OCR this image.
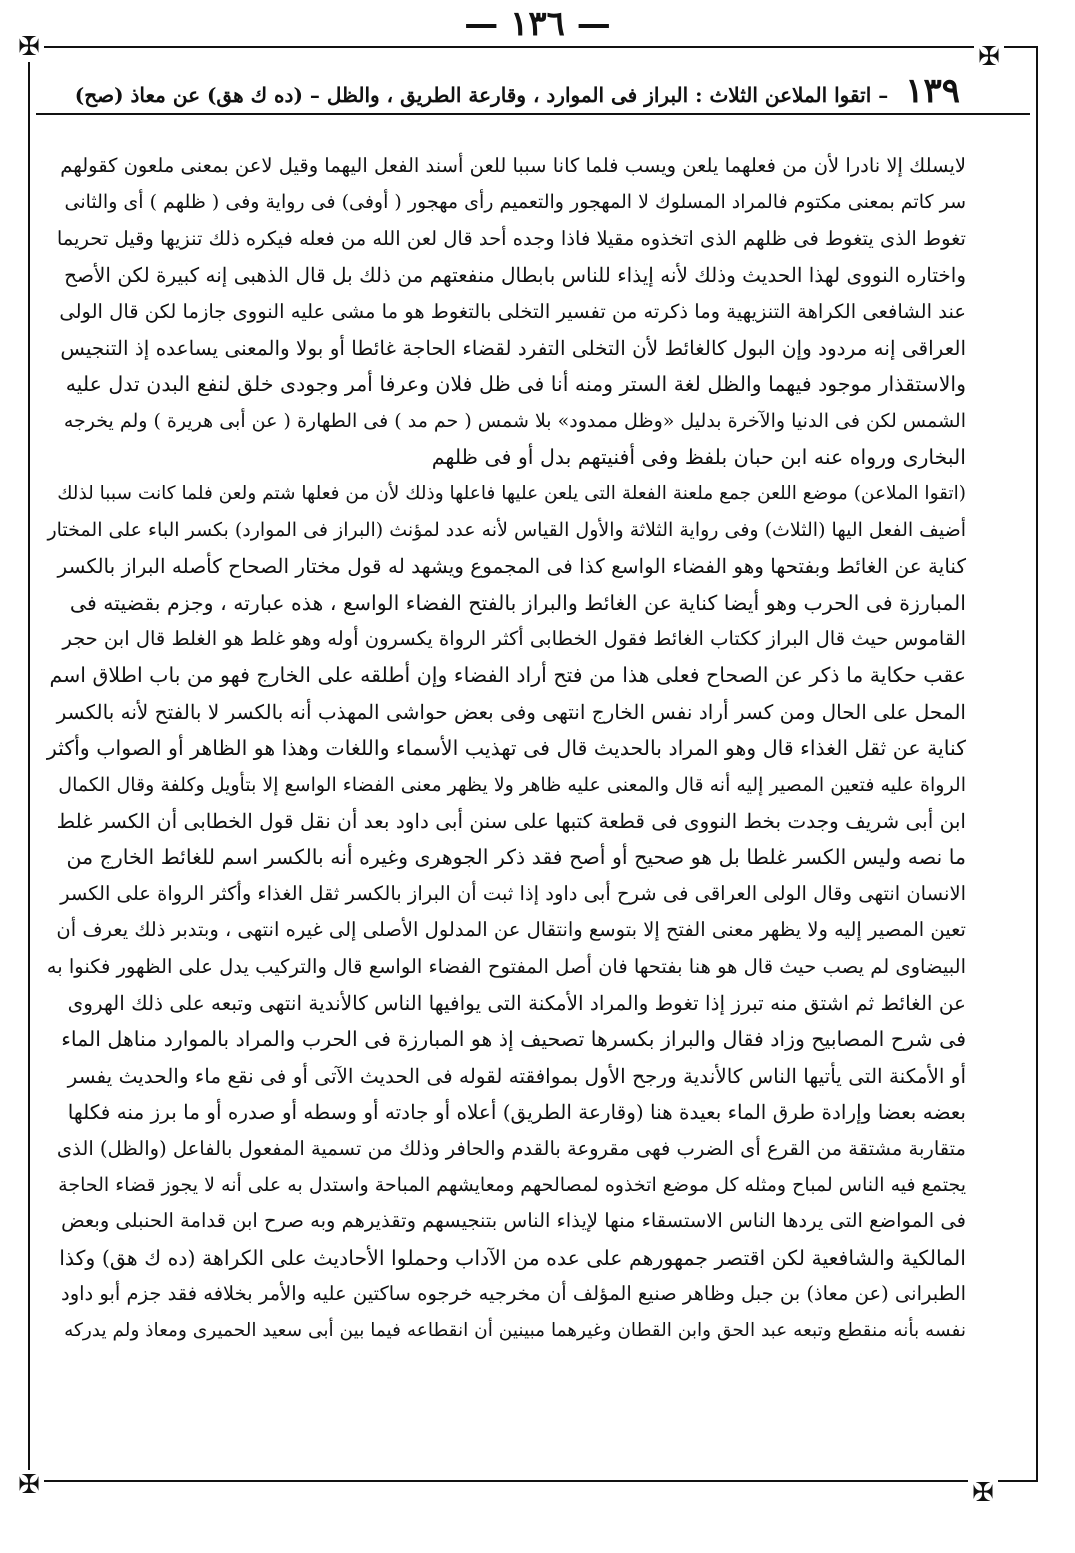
— ١٣٦ —
✠	✠
✠	✠
١٣٩ – اتقوا الملاعن الثلاث : البراز فى الموارد ، وقارعة الطريق ، والظل – (ده ك هق) عن معاذ (صح)
لايسلك إلا نادرا لأن من فعلهما يلعن ويسب فلما كانا سببا للعن أسند الفعل اليهما وقيل لاعن بمعنى ملعون كقولهم
سر كاتم بمعنى مكتوم فالمراد المسلوك لا المهجور والتعميم رأى مهجور ( أوفى) فى رواية وفى ( ظلهم ) أى والثانى
تغوط الذى يتغوط فى ظلهم الذى اتخذوه مقيلا فاذا وجده أحد قال لعن الله من فعله فيكره ذلك تنزيها وقيل تحريما
واختاره النووى لهذا الحديث وذلك لأنه إيذاء للناس بابطال منفعتهم من ذلك بل قال الذهبى إنه كبيرة لكن الأصح
عند الشافعى الكراهة التنزيهية وما ذكرته من تفسير التخلى بالتغوط هو ما مشى عليه النووى جازما لكن قال الولى
العراقى إنه مردود وإن البول كالغائط لأن التخلى التفرد لقضاء الحاجة غائطا أو بولا والمعنى يساعده إذ التنجيس
والاستقذار موجود فيهما والظل لغة الستر ومنه أنا فى ظل فلان وعرفا أمر وجودى خلق لنفع البدن تدل عليه
الشمس لكن فى الدنيا والآخرة بدليل «وظل ممدود» بلا شمس ( حم مد ) فى الطهارة ( عن أبى هريرة ) ولم يخرجه
البخارى ورواه عنه ابن حبان بلفظ وفى أفنيتهم بدل أو فى ظلهم
(اتقوا الملاعن) موضع اللعن جمع ملعنة الفعلة التى يلعن عليها فاعلها وذلك لأن من فعلها شتم ولعن فلما كانت سببا لذلك
أضيف الفعل اليها (الثلاث) وفى رواية الثلاثة والأول القياس لأنه عدد لمؤنث (البراز فى الموارد) بكسر الباء على المختار
كناية عن الغائط وبفتحها وهو الفضاء الواسع كذا فى المجموع ويشهد له قول مختار الصحاح كأصله البراز بالكسر
المبارزة فى الحرب وهو أيضا كناية عن الغائط والبراز بالفتح الفضاء الواسع ، هذه عبارته ، وجزم بقضيته فى
القاموس حيث قال البراز ككتاب الغائط فقول الخطابى أكثر الرواة يكسرون أوله وهو غلط هو الغلط قال ابن حجر
عقب حكاية ما ذكر عن الصحاح فعلى هذا من فتح أراد الفضاء وإن أطلقه على الخارج فهو من باب اطلاق اسم
المحل على الحال ومن كسر أراد نفس الخارج انتهى وفى بعض حواشى المهذب أنه بالكسر لا بالفتح لأنه بالكسر
كناية عن ثقل الغذاء قال وهو المراد بالحديث قال فى تهذيب الأسماء واللغات وهذا هو الظاهر أو الصواب وأكثر
الرواة عليه فتعين المصير إليه أنه قال والمعنى عليه ظاهر ولا يظهر معنى الفضاء الواسع إلا بتأويل وكلفة وقال الكمال
ابن أبى شريف وجدت بخط النووى فى قطعة كتبها على سنن أبى داود بعد أن نقل قول الخطابى أن الكسر غلط
ما نصه وليس الكسر غلطا بل هو صحيح أو أصح فقد ذكر الجوهرى وغيره أنه بالكسر اسم للغائط الخارج من
الانسان انتهى وقال الولى العراقى فى شرح أبى داود إذا ثبت أن البراز بالكسر ثقل الغذاء وأكثر الرواة على الكسر
تعين المصير إليه ولا يظهر معنى الفتح إلا بتوسع وانتقال عن المدلول الأصلى إلى غيره انتهى ، وبتدبر ذلك يعرف أن
البيضاوى لم يصب حيث قال هو هنا بفتحها فان أصل المفتوح الفضاء الواسع قال والتركيب يدل على الظهور فكنوا به
عن الغائط ثم اشتق منه تبرز إذا تغوط والمراد الأمكنة التى يوافيها الناس كالأندية انتهى وتبعه على ذلك الهروى
فى شرح المصابيح وزاد فقال والبراز بكسرها تصحيف إذ هو المبارزة فى الحرب والمراد بالموارد مناهل الماء
أو الأمكنة التى يأتيها الناس كالأندية ورجح الأول بموافقته لقوله فى الحديث الآتى أو فى نقع ماء والحديث يفسر
بعضه بعضا وإرادة طرق الماء بعيدة هنا (وقارعة الطريق) أعلاه أو جادته أو وسطه أو صدره أو ما برز منه فكلها
متقاربة مشتقة من القرع أى الضرب فهى مقروعة بالقدم والحافر وذلك من تسمية المفعول بالفاعل (والظل) الذى
يجتمع فيه الناس لمباح ومثله كل موضع اتخذوه لمصالحهم ومعايشهم المباحة واستدل به على أنه لا يجوز قضاء الحاجة
فى المواضع التى يردها الناس الاستسقاء منها لإيذاء الناس بتنجيسهم وتقذيرهم وبه صرح ابن قدامة الحنبلى وبعض
المالكية والشافعية لكن اقتصر جمهورهم على عده من الآداب وحملوا الأحاديث على الكراهة (ده ك هق) وكذا
الطبرانى (عن معاذ) بن جبل وظاهر صنيع المؤلف أن مخرجيه خرجوه ساكتين عليه والأمر بخلافه فقد جزم أبو داود
نفسه بأنه منقطع وتبعه عبد الحق وابن القطان وغيرهما مبينين أن انقطاعه فيما بين أبى سعيد الحميرى ومعاذ ولم يدركه
